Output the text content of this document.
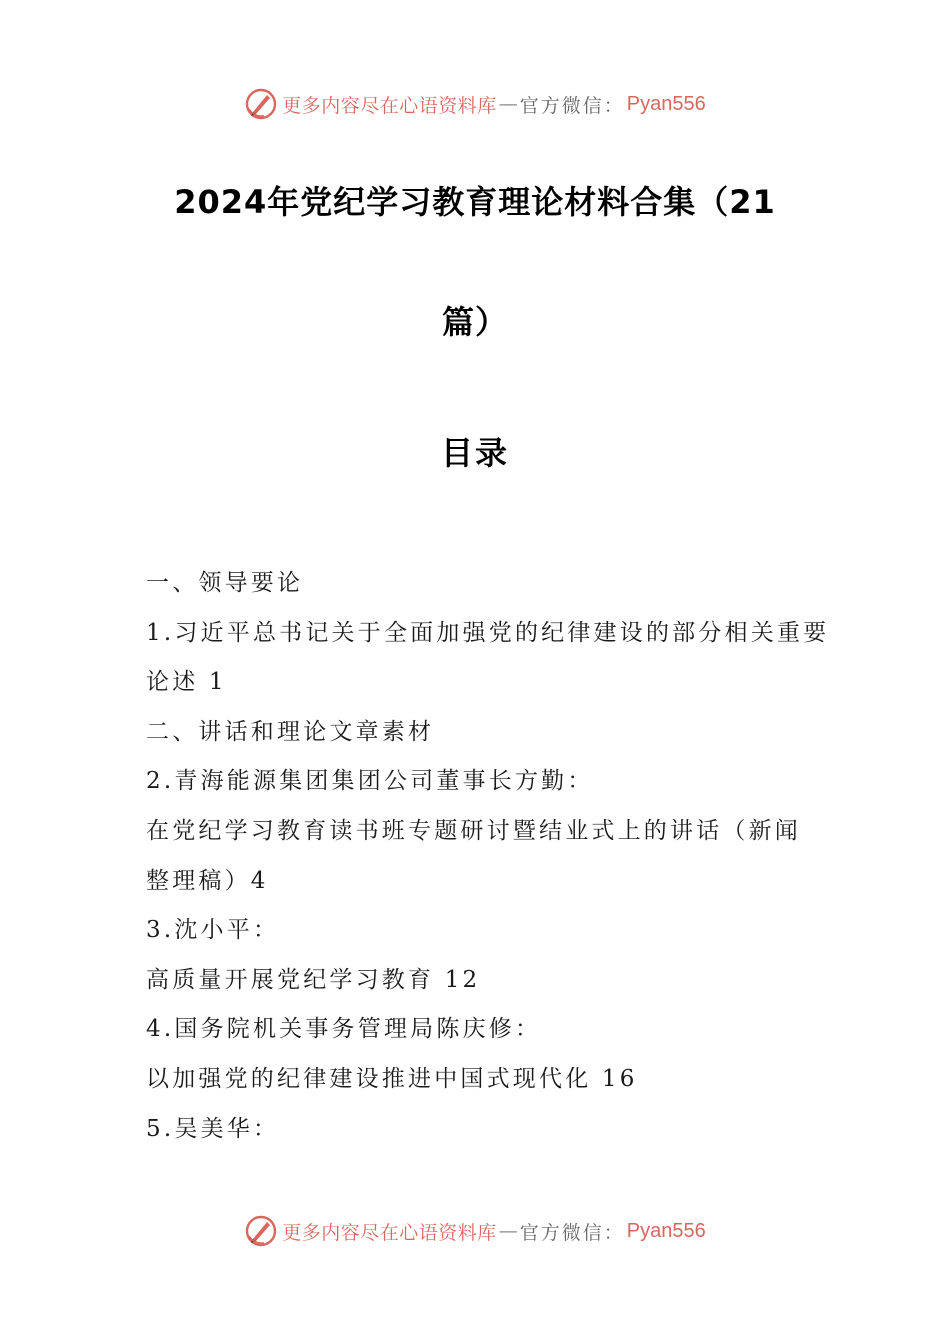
更多内容尽在心语资料库 — 官方微信： Pyan556
2024年党纪学习教育理论材料合集（21
篇）
目录
一、领导要论
1.习近平总书记关于全面加强党的纪律建设的部分相关重要
论述 1
二、讲话和理论文章素材
2.青海能源集团集团公司董事长方勤：
在党纪学习教育读书班专题研讨暨结业式上的讲话（新闻
整理稿）4
3.沈小平：
高质量开展党纪学习教育 12
4.国务院机关事务管理局陈庆修：
以加强党的纪律建设推进中国式现代化 16
5.吴美华：
更多内容尽在心语资料库 — 官方微信： Pyan556
